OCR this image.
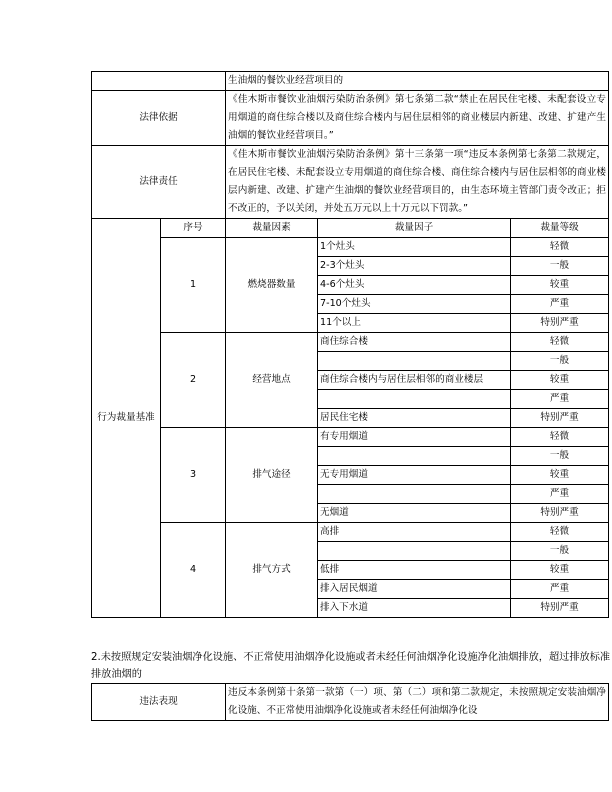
		生油烟的餐饮业经营项目的		
法律依据		《佳木斯市餐饮业油烟污染防治条例》第七条第二款“禁止在居民住宅楼、未配套设立专用烟道的商住综合楼以及商住综合楼内与居住层相邻的商业楼层内新建、改建、扩建产生油烟的餐饮业经营项目。”		
法律责任		《佳木斯市餐饮业油烟污染防治条例》第十三条第一项“违反本条例第七条第二款规定，在居民住宅楼、未配套设立专用烟道的商住综合楼、商住综合楼内与居住层相邻的商业楼层内新建、改建、扩建产生油烟的餐饮业经营项目的，由生态环境主管部门责令改正；拒不改正的，予以关闭，并处五万元以上十万元以下罚款。”		
行为裁量基准	序号	裁量因素	裁量因子	裁量等级
	1	燃烧器数量	1个灶头	轻微
			2-3个灶头	一般
			4-6个灶头	较重
			7-10个灶头	严重
			11个以上	特别严重
	2	经营地点	商住综合楼	轻微
				一般
			商住综合楼内与居住层相邻的商业楼层	较重
				严重
			居民住宅楼	特别严重
	3	排气途径	有专用烟道	轻微
				一般
			无专用烟道	较重
				严重
			无烟道	特别严重
	4	排气方式	高排	轻微
				一般
			低排	较重
			排入居民烟道	严重
			排入下水道	特别严重
2.未按照规定安装油烟净化设施、不正常使用油烟净化设施或者未经任何油烟净化设施净化油烟排放，超过排放标准排放油烟的
违法表现	违反本条例第十条第一款第（一）项、第（二）项和第二款规定，未按照规定安装油烟净化设施、不正常使用油烟净化设施或者未经任何油烟净化设
